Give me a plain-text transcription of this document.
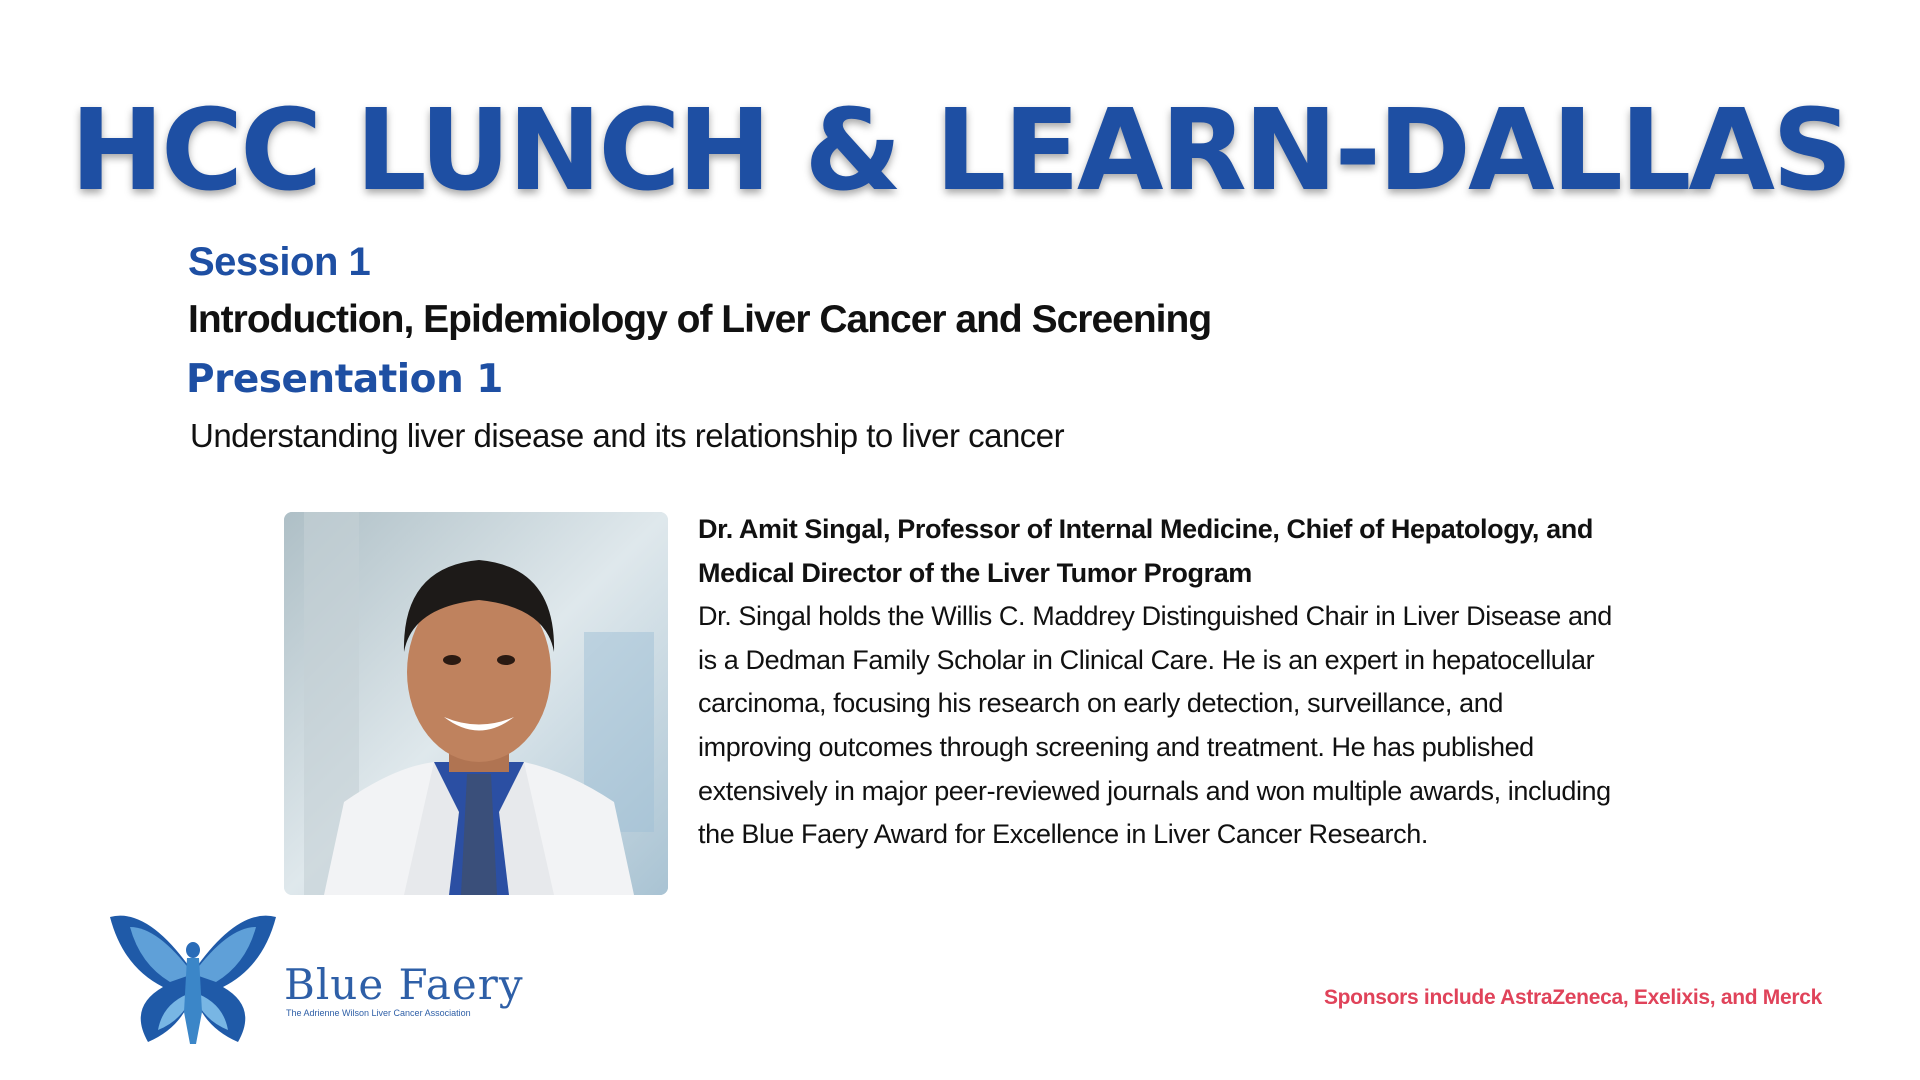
HCC LUNCH & LEARN-DALLAS
Session 1
Introduction, Epidemiology of Liver Cancer and Screening
Presentation 1
Understanding liver disease and its relationship to liver cancer
Dr. Amit Singal, Professor of Internal Medicine, Chief of Hepatology, and
Medical Director of the Liver Tumor Program
Dr. Singal holds the Willis C. Maddrey Distinguished Chair in Liver Disease and
is a Dedman Family Scholar in Clinical Care. He is an expert in hepatocellular
carcinoma, focusing his research on early detection, surveillance, and
improving outcomes through screening and treatment. He has published
extensively in major peer-reviewed journals and won multiple awards, including
the Blue Faery Award for Excellence in Liver Cancer Research.
Blue Faery
The Adrienne Wilson Liver Cancer Association
Sponsors include AstraZeneca, Exelixis, and Merck
